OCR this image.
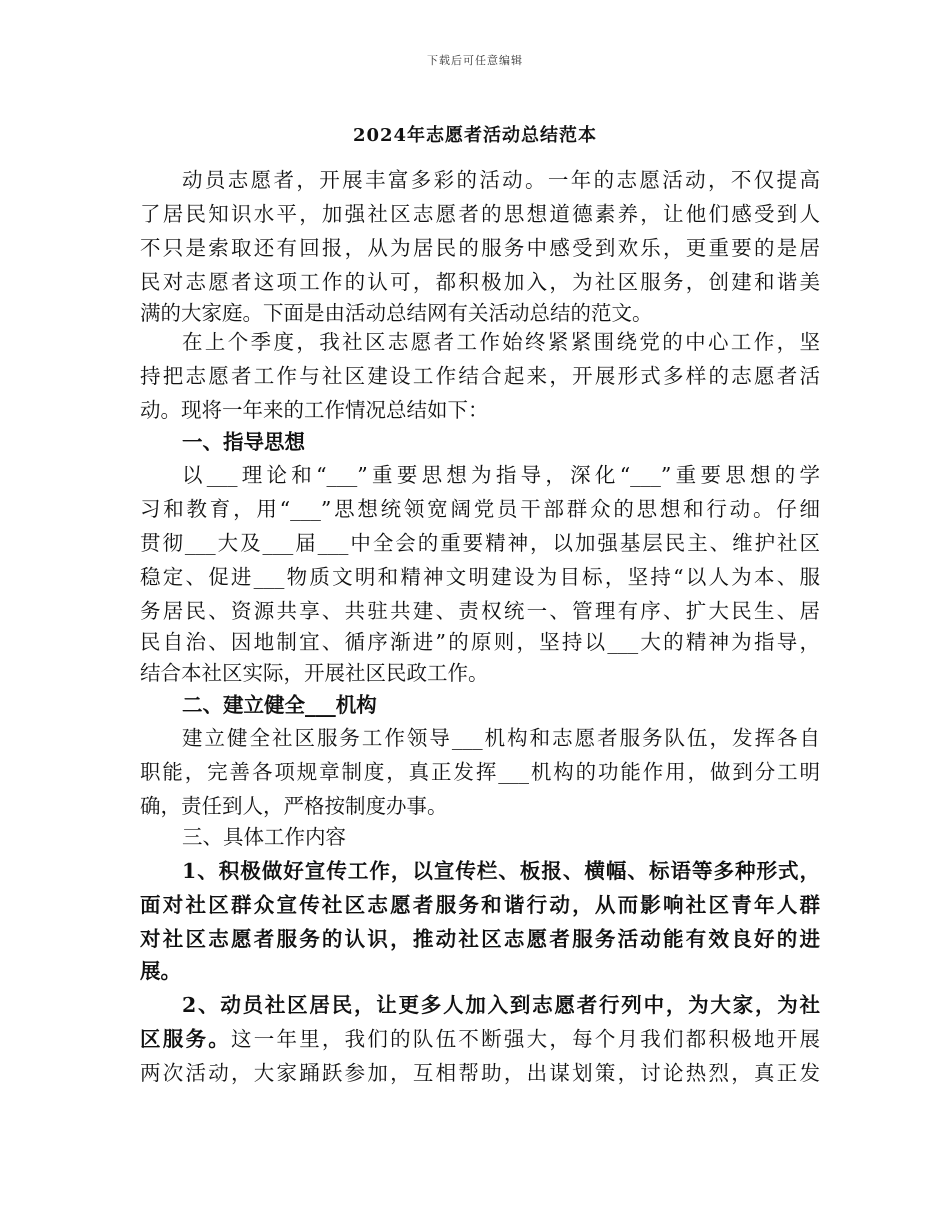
下载后可任意编辑
2024年志愿者活动总结范本
动员志愿者，开展丰富多彩的活动。一年的志愿活动，不仅提高
了居民知识水平，加强社区志愿者的思想道德素养，让他们感受到人
不只是索取还有回报，从为居民的服务中感受到欢乐，更重要的是居
民对志愿者这项工作的认可，都积极加入，为社区服务，创建和谐美
满的大家庭。下面是由活动总结网有关活动总结的范文。
在上个季度，我社区志愿者工作始终紧紧围绕党的中心工作，坚
持把志愿者工作与社区建设工作结合起来，开展形式多样的志愿者活
动。现将一年来的工作情况总结如下：
一、指导思想
以___理论和“___”重要思想为指导，深化“___”重要思想的学
习和教育，用“___”思想统领宽阔党员干部群众的思想和行动。仔细
贯彻___大及___届___中全会的重要精神，以加强基层民主、维护社区
稳定、促进___物质文明和精神文明建设为目标，坚持“以人为本、服
务居民、资源共享、共驻共建、责权统一、管理有序、扩大民生、居
民自治、因地制宜、循序渐进”的原则，坚持以___大的精神为指导，
结合本社区实际，开展社区民政工作。
二、建立健全___机构
建立健全社区服务工作领导___机构和志愿者服务队伍，发挥各自
职能，完善各项规章制度，真正发挥___机构的功能作用，做到分工明
确，责任到人，严格按制度办事。
三、具体工作内容
1、积极做好宣传工作，以宣传栏、板报、横幅、标语等多种形式，
面对社区群众宣传社区志愿者服务和谐行动，从而影响社区青年人群
对社区志愿者服务的认识，推动社区志愿者服务活动能有效良好的进
展。
2、动员社区居民，让更多人加入到志愿者行列中，为大家，为社
区服务。这一年里，我们的队伍不断强大，每个月我们都积极地开展
两次活动，大家踊跃参加，互相帮助，出谋划策，讨论热烈，真正发
